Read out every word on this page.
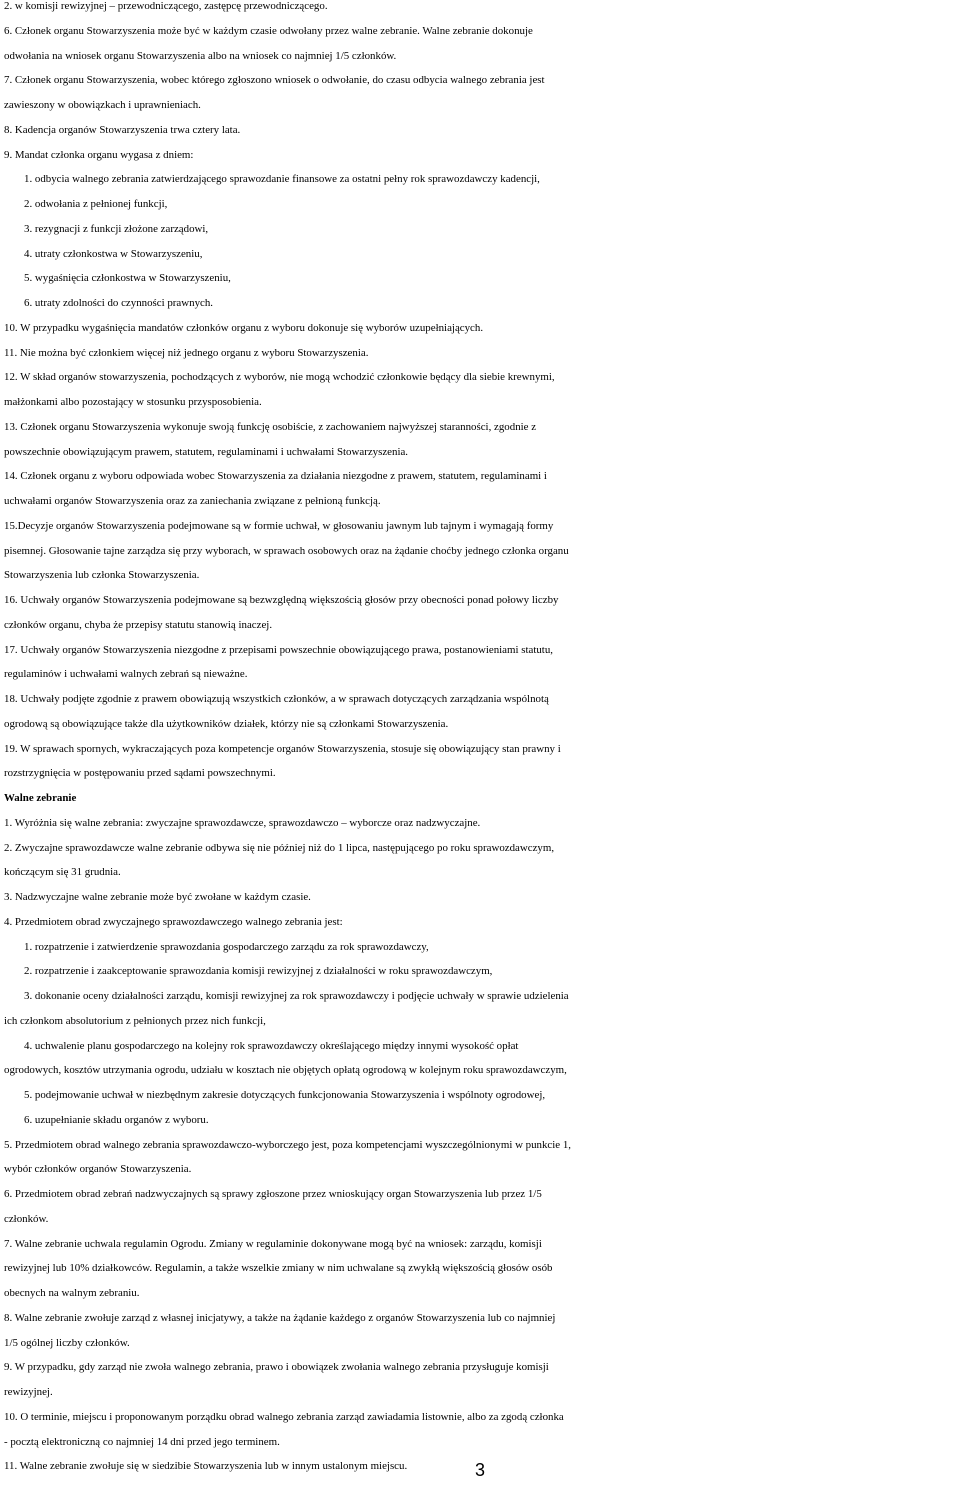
2. w komisji rewizyjnej – przewodniczącego, zastępcę przewodniczącego.
6. Członek organu Stowarzyszenia może być w każdym czasie odwołany przez walne zebranie. Walne zebranie dokonuje
odwołania na wniosek organu Stowarzyszenia albo na wniosek co najmniej 1/5 członków.
7. Członek organu Stowarzyszenia, wobec którego zgłoszono wniosek o odwołanie, do czasu odbycia walnego zebrania jest
zawieszony w obowiązkach i uprawnieniach.
8. Kadencja organów Stowarzyszenia trwa cztery lata.
9. Mandat członka organu wygasa z dniem:
1. odbycia walnego zebrania zatwierdzającego sprawozdanie finansowe za ostatni pełny rok sprawozdawczy kadencji,
2. odwołania z pełnionej funkcji,
3. rezygnacji z funkcji złożone zarządowi,
4. utraty członkostwa w Stowarzyszeniu,
5. wygaśnięcia członkostwa w Stowarzyszeniu,
6. utraty zdolności do czynności prawnych.
10. W przypadku wygaśnięcia mandatów członków organu z wyboru dokonuje się wyborów uzupełniających.
11. Nie można być członkiem więcej niż jednego organu z wyboru Stowarzyszenia.
12. W skład organów stowarzyszenia, pochodzących z wyborów, nie mogą wchodzić członkowie będący dla siebie krewnymi,
małżonkami albo pozostający w stosunku przysposobienia.
13. Członek organu Stowarzyszenia wykonuje swoją funkcję osobiście, z zachowaniem najwyższej staranności, zgodnie z
powszechnie obowiązującym prawem, statutem, regulaminami i uchwałami Stowarzyszenia.
14. Członek organu z wyboru odpowiada wobec Stowarzyszenia za działania niezgodne z prawem, statutem, regulaminami i
uchwałami organów Stowarzyszenia oraz za zaniechania związane z pełnioną funkcją.
15.Decyzje organów Stowarzyszenia podejmowane są w formie uchwał, w głosowaniu jawnym lub tajnym i wymagają formy
pisemnej. Głosowanie tajne zarządza się przy wyborach, w sprawach osobowych oraz na żądanie choćby jednego członka organu
Stowarzyszenia lub członka Stowarzyszenia.
16. Uchwały organów Stowarzyszenia podejmowane są bezwzględną większością głosów przy obecności ponad połowy liczby
członków organu, chyba że przepisy statutu stanowią inaczej.
17. Uchwały organów Stowarzyszenia niezgodne z przepisami powszechnie obowiązującego prawa, postanowieniami statutu,
regulaminów i uchwałami walnych zebrań są nieważne.
18. Uchwały podjęte zgodnie z prawem obowiązują wszystkich członków, a w sprawach dotyczących zarządzania wspólnotą
ogrodową są obowiązujące także dla użytkowników działek, którzy nie są członkami Stowarzyszenia.
19. W sprawach spornych, wykraczających poza kompetencje organów Stowarzyszenia, stosuje się obowiązujący stan prawny i
rozstrzygnięcia w postępowaniu przed sądami powszechnymi.
Walne zebranie
1. Wyróżnia się walne zebrania: zwyczajne sprawozdawcze, sprawozdawczo – wyborcze oraz nadzwyczajne.
2. Zwyczajne sprawozdawcze walne zebranie odbywa się nie później niż do 1 lipca, następującego po roku sprawozdawczym,
kończącym się 31 grudnia.
3. Nadzwyczajne walne zebranie może być zwołane w każdym czasie.
4. Przedmiotem obrad zwyczajnego sprawozdawczego walnego zebrania jest:
1. rozpatrzenie i zatwierdzenie sprawozdania gospodarczego zarządu za rok sprawozdawczy,
2. rozpatrzenie i zaakceptowanie sprawozdania komisji rewizyjnej z działalności w roku sprawozdawczym,
3. dokonanie oceny działalności zarządu, komisji rewizyjnej za rok sprawozdawczy i podjęcie uchwały w sprawie udzielenia
ich członkom absolutorium z pełnionych przez nich funkcji,
4. uchwalenie planu gospodarczego na kolejny rok sprawozdawczy określającego między innymi wysokość opłat
ogrodowych, kosztów utrzymania ogrodu, udziału w kosztach nie objętych opłatą ogrodową w kolejnym roku sprawozdawczym,
5. podejmowanie uchwał w niezbędnym zakresie dotyczących funkcjonowania Stowarzyszenia i wspólnoty ogrodowej,
6. uzupełnianie składu organów z wyboru.
5. Przedmiotem obrad walnego zebrania sprawozdawczo-wyborczego jest, poza kompetencjami wyszczególnionymi w punkcie 1,
wybór członków organów Stowarzyszenia.
6. Przedmiotem obrad zebrań nadzwyczajnych są sprawy zgłoszone przez wnioskujący organ Stowarzyszenia lub przez 1/5
członków.
7. Walne zebranie uchwala regulamin Ogrodu. Zmiany w regulaminie dokonywane mogą być na wniosek: zarządu, komisji
rewizyjnej lub 10% działkowców. Regulamin, a także wszelkie zmiany w nim uchwalane są zwykłą większością głosów osób
obecnych na walnym zebraniu.
8. Walne zebranie zwołuje zarząd z własnej inicjatywy, a także na żądanie każdego z organów Stowarzyszenia lub co najmniej
1/5 ogólnej liczby członków.
9. W przypadku, gdy zarząd nie zwoła walnego zebrania, prawo i obowiązek zwołania walnego zebrania przysługuje komisji
rewizyjnej.
10. O terminie, miejscu i proponowanym porządku obrad walnego zebrania zarząd zawiadamia listownie, albo za zgodą członka
- pocztą elektroniczną co najmniej 14 dni przed jego terminem.
11. Walne zebranie zwołuje się w siedzibie Stowarzyszenia lub w innym ustalonym miejscu.	3
